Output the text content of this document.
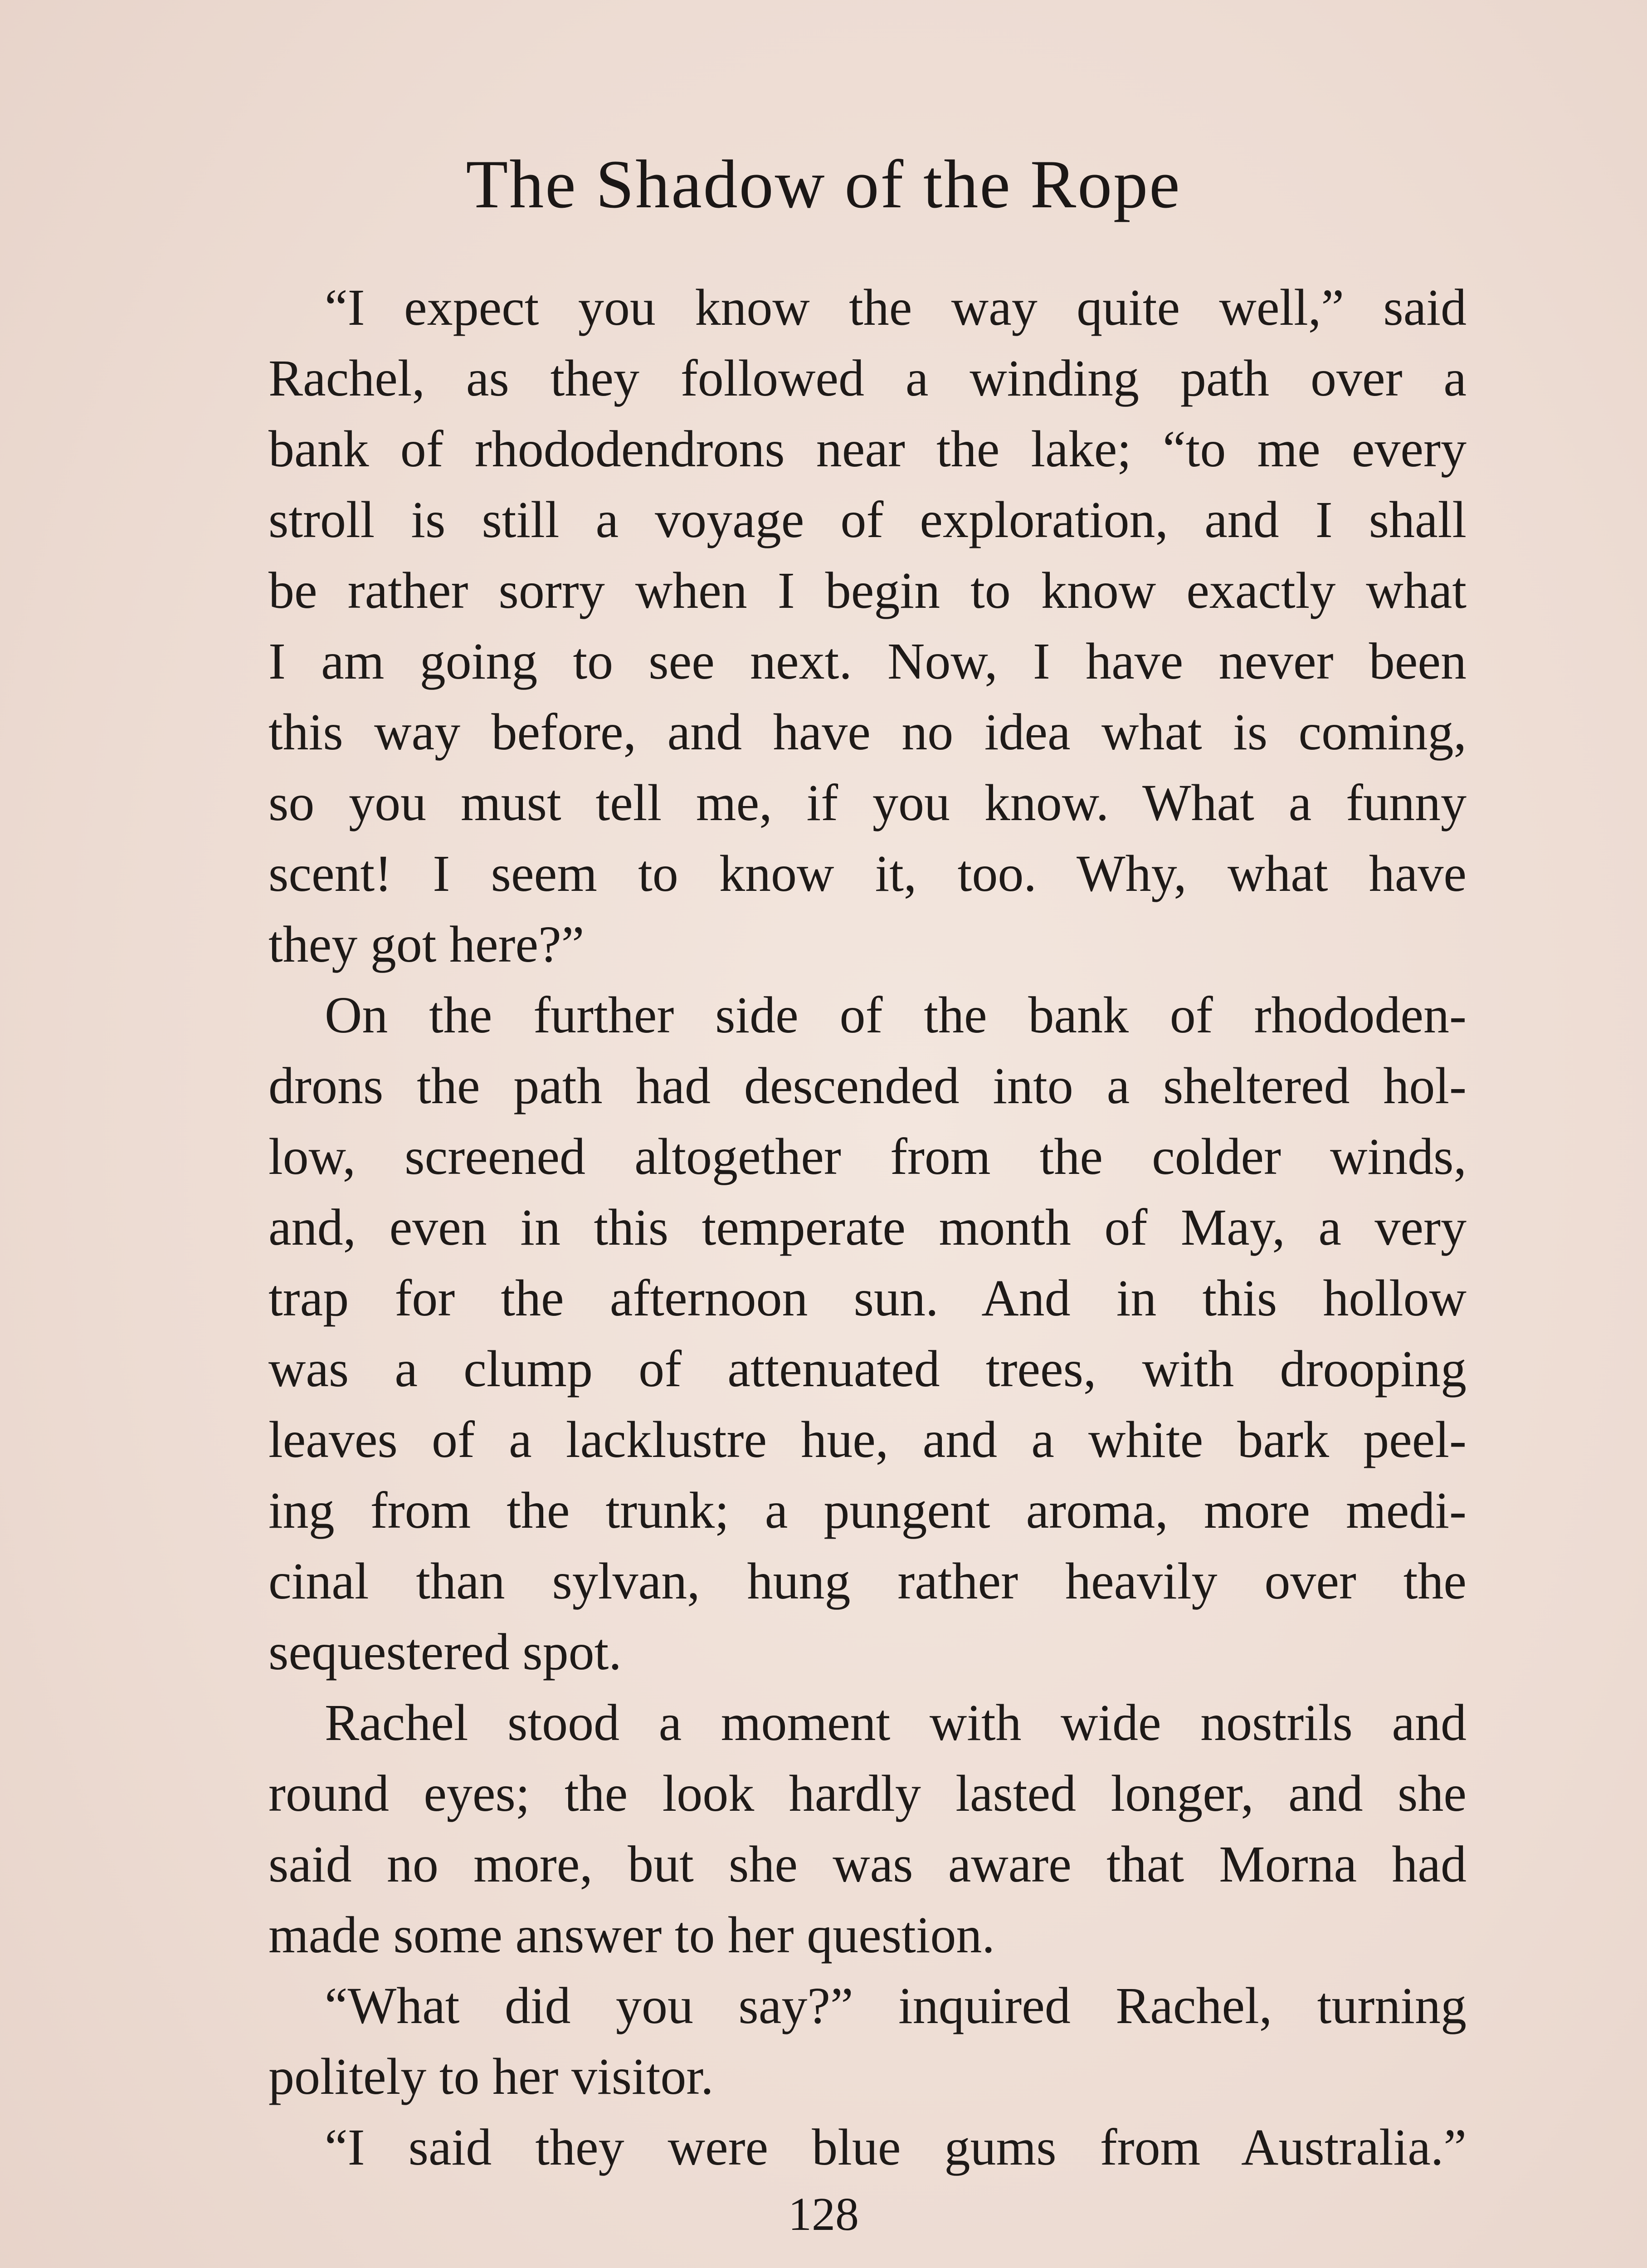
The Shadow of the Rope
“I expect you know the way quite well,” said
Rachel, as they followed a winding path over a
bank of rhododendrons near the lake; “to me every
stroll is still a voyage of exploration, and I shall
be rather sorry when I begin to know exactly what
I am going to see next. Now, I have never been
this way before, and have no idea what is coming,
so you must tell me, if you know. What a funny
scent! I seem to know it, too. Why, what have
they got here?”
On the further side of the bank of rhododen-
drons the path had descended into a sheltered hol-
low, screened altogether from the colder winds,
and, even in this temperate month of May, a very
trap for the afternoon sun. And in this hollow
was a clump of attenuated trees, with drooping
leaves of a lacklustre hue, and a white bark peel-
ing from the trunk; a pungent aroma, more medi-
cinal than sylvan, hung rather heavily over the
sequestered spot.
Rachel stood a moment with wide nostrils and
round eyes; the look hardly lasted longer, and she
said no more, but she was aware that Morna had
made some answer to her question.
“What did you say?” inquired Rachel, turning
politely to her visitor.
“I said they were blue gums from Australia.”
128
